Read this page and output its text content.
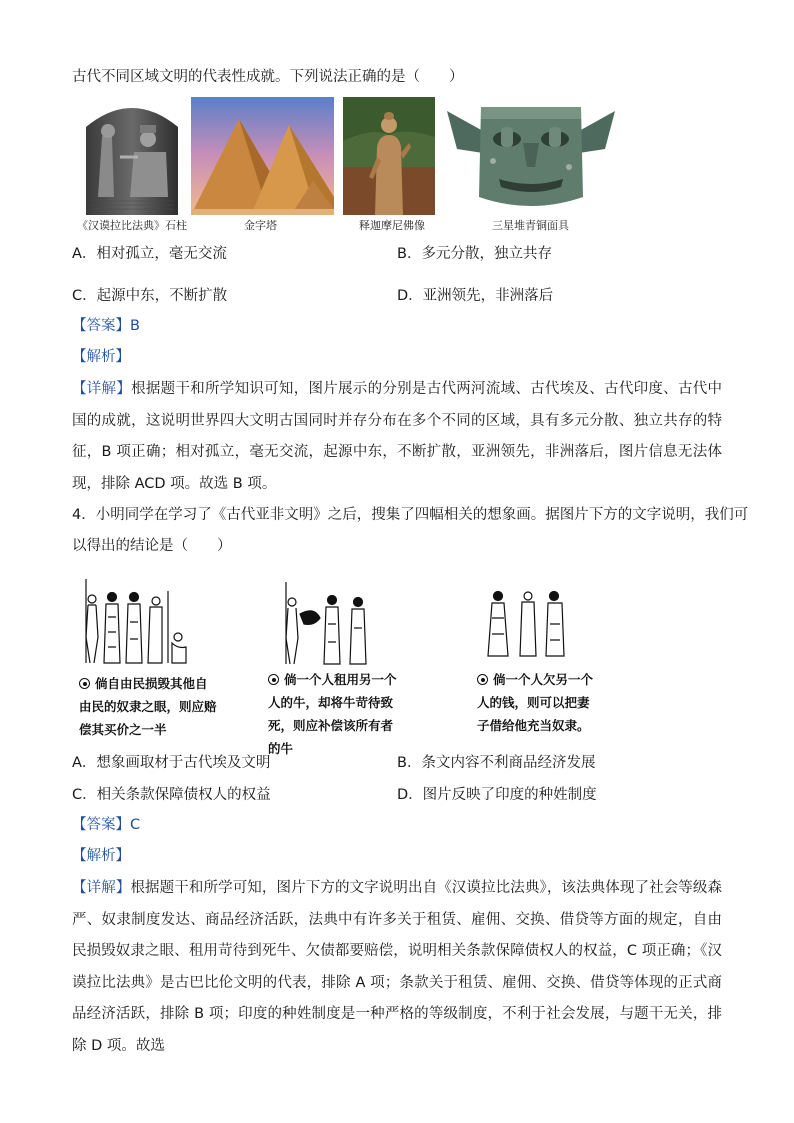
古代不同区域文明的代表性成就。下列说法正确的是（　　）
《汉谟拉比法典》石柱	金字塔	释迦摩尼佛像	三星堆青铜面具
A．相对孤立，毫无交流	B．多元分散，独立共存
C．起源中东，不断扩散	D．亚洲领先，非洲落后
【答案】B
【解析】
【详解】根据题干和所学知识可知，图片展示的分别是古代两河流域、古代埃及、古代印度、古代中国的成就，这说明世界四大文明古国同时并存分布在多个不同的区域，具有多元分散、独立共存的特征，B 项正确；相对孤立，毫无交流，起源中东，不断扩散，亚洲领先，非洲落后，图片信息无法体现，排除 ACD 项。故选 B 项。
4．小明同学在学习了《古代亚非文明》之后，搜集了四幅相关的想象画。据图片下方的文字说明，我们可
以得出的结论是（　　）
倘自由民损毁其他自
由民的奴隶之眼，则应赔
偿其买价之一半
倘一个人租用另一个
人的牛，却将牛苛待致
死，则应补偿该所有者
的牛
倘一个人欠另一个
人的钱，则可以把妻
子借给他充当奴隶。
A．想象画取材于古代埃及文明	B．条文内容不利商品经济发展
C．相关条款保障债权人的权益	D．图片反映了印度的种姓制度
【答案】C
【解析】
【详解】根据题干和所学可知，图片下方的文字说明出自《汉谟拉比法典》，该法典体现了社会等级森严、奴隶制度发达、商品经济活跃，法典中有许多关于租赁、雇佣、交换、借贷等方面的规定，自由民损毁奴隶之眼、租用苛待到死牛、欠债都要赔偿，说明相关条款保障债权人的权益，C 项正确；《汉谟拉比法典》是古巴比伦文明的代表，排除 A 项；条款关于租赁、雇佣、交换、借贷等体现的正式商品经济活跃，排除 B 项；印度的种姓制度是一种严格的等级制度，不利于社会发展，与题干无关，排除 D 项。故选
